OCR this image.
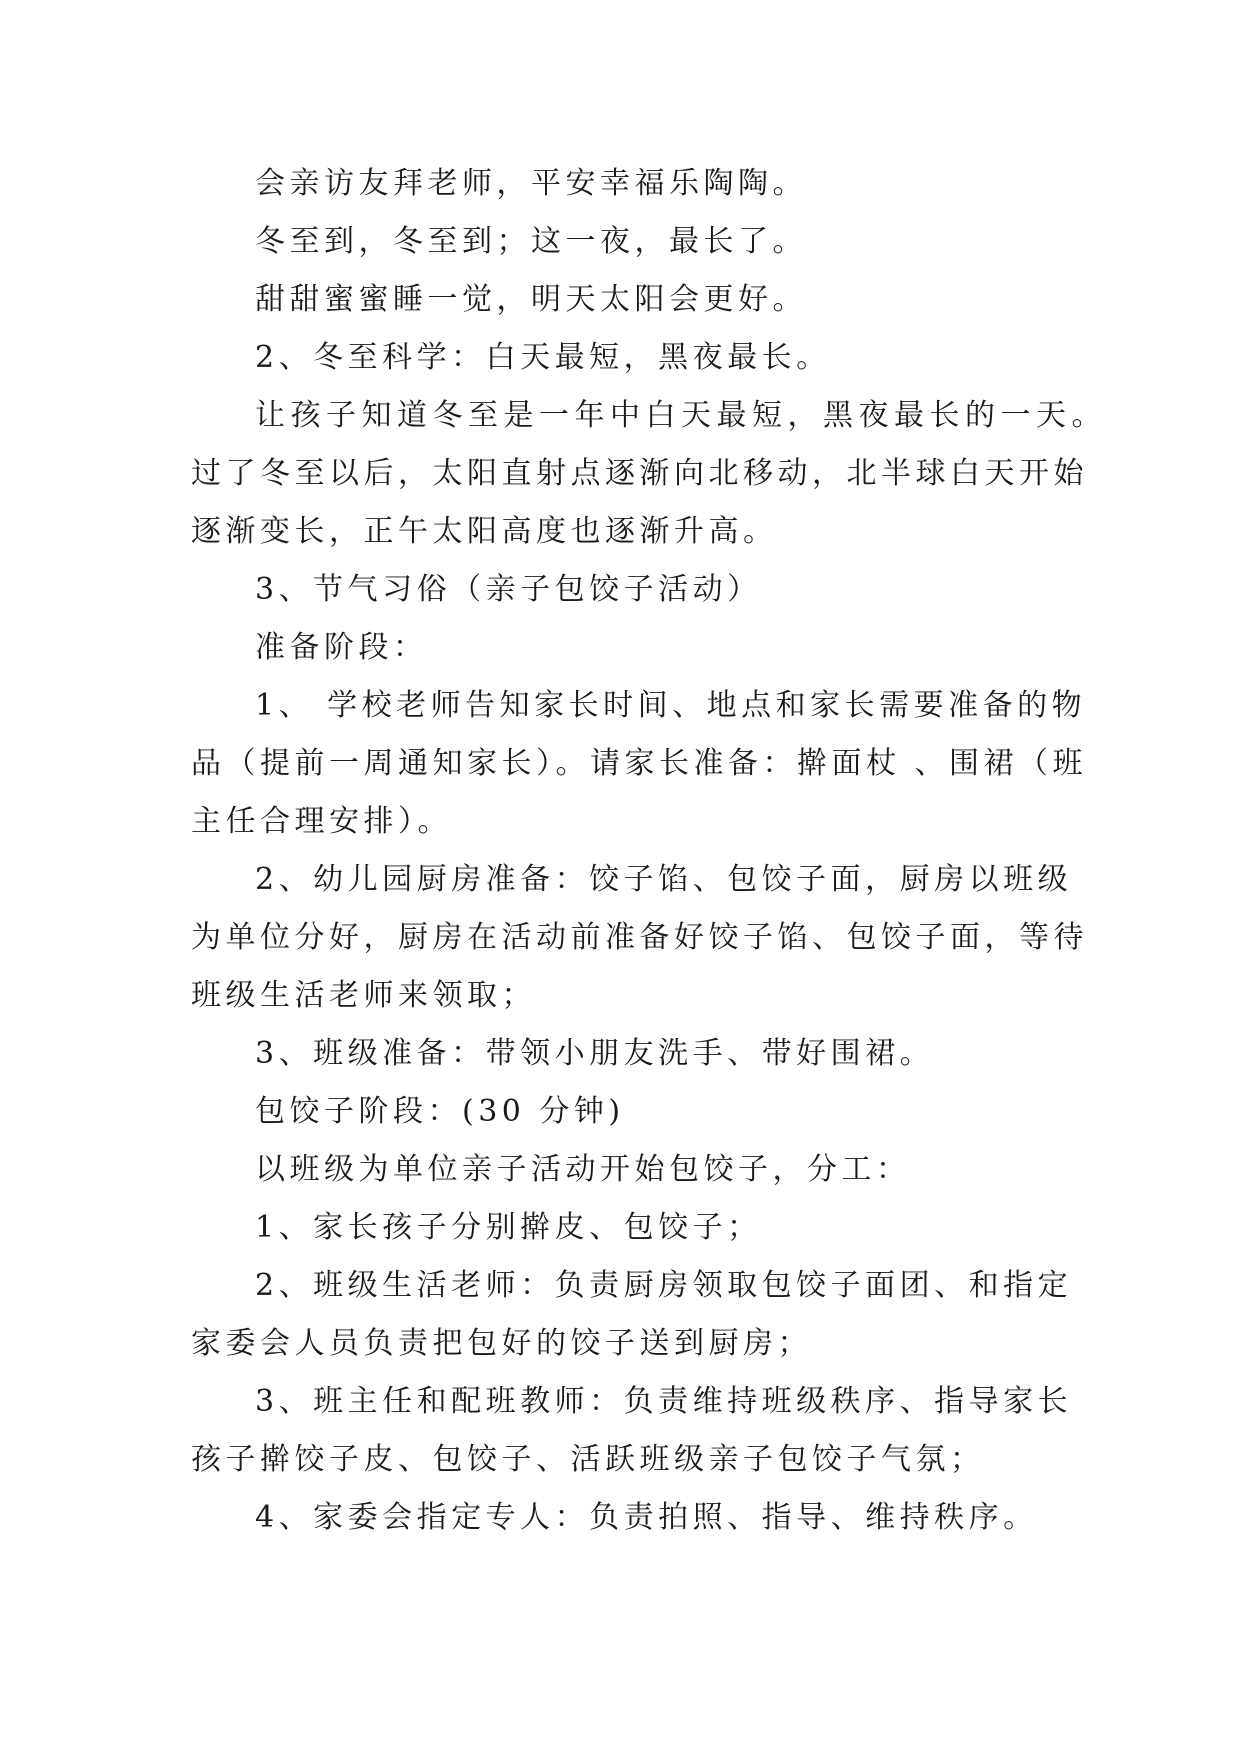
会亲访友拜老师，平安幸福乐陶陶。
冬至到，冬至到；这一夜，最长了。
甜甜蜜蜜睡一觉，明天太阳会更好。
2、冬至科学：白天最短，黑夜最长。
让孩子知道冬至是一年中白天最短，黑夜最长的一天。
过了冬至以后，太阳直射点逐渐向北移动，北半球白天开始
逐渐变长，正午太阳高度也逐渐升高。
3、节气习俗（亲子包饺子活动）
准备阶段：
1、 学校老师告知家长时间、地点和家长需要准备的物
品（提前一周通知家长）。请家长准备：擀面杖 、围裙（班
主任合理安排）。
2、幼儿园厨房准备：饺子馅、包饺子面，厨房以班级
为单位分好，厨房在活动前准备好饺子馅、包饺子面，等待
班级生活老师来领取；
3、班级准备：带领小朋友洗手、带好围裙。
包饺子阶段：(30 分钟)
以班级为单位亲子活动开始包饺子，分工：
1、家长孩子分别擀皮、包饺子；
2、班级生活老师：负责厨房领取包饺子面团、和指定
家委会人员负责把包好的饺子送到厨房；
3、班主任和配班教师：负责维持班级秩序、指导家长
孩子擀饺子皮、包饺子、活跃班级亲子包饺子气氛；
4、家委会指定专人：负责拍照、指导、维持秩序。
